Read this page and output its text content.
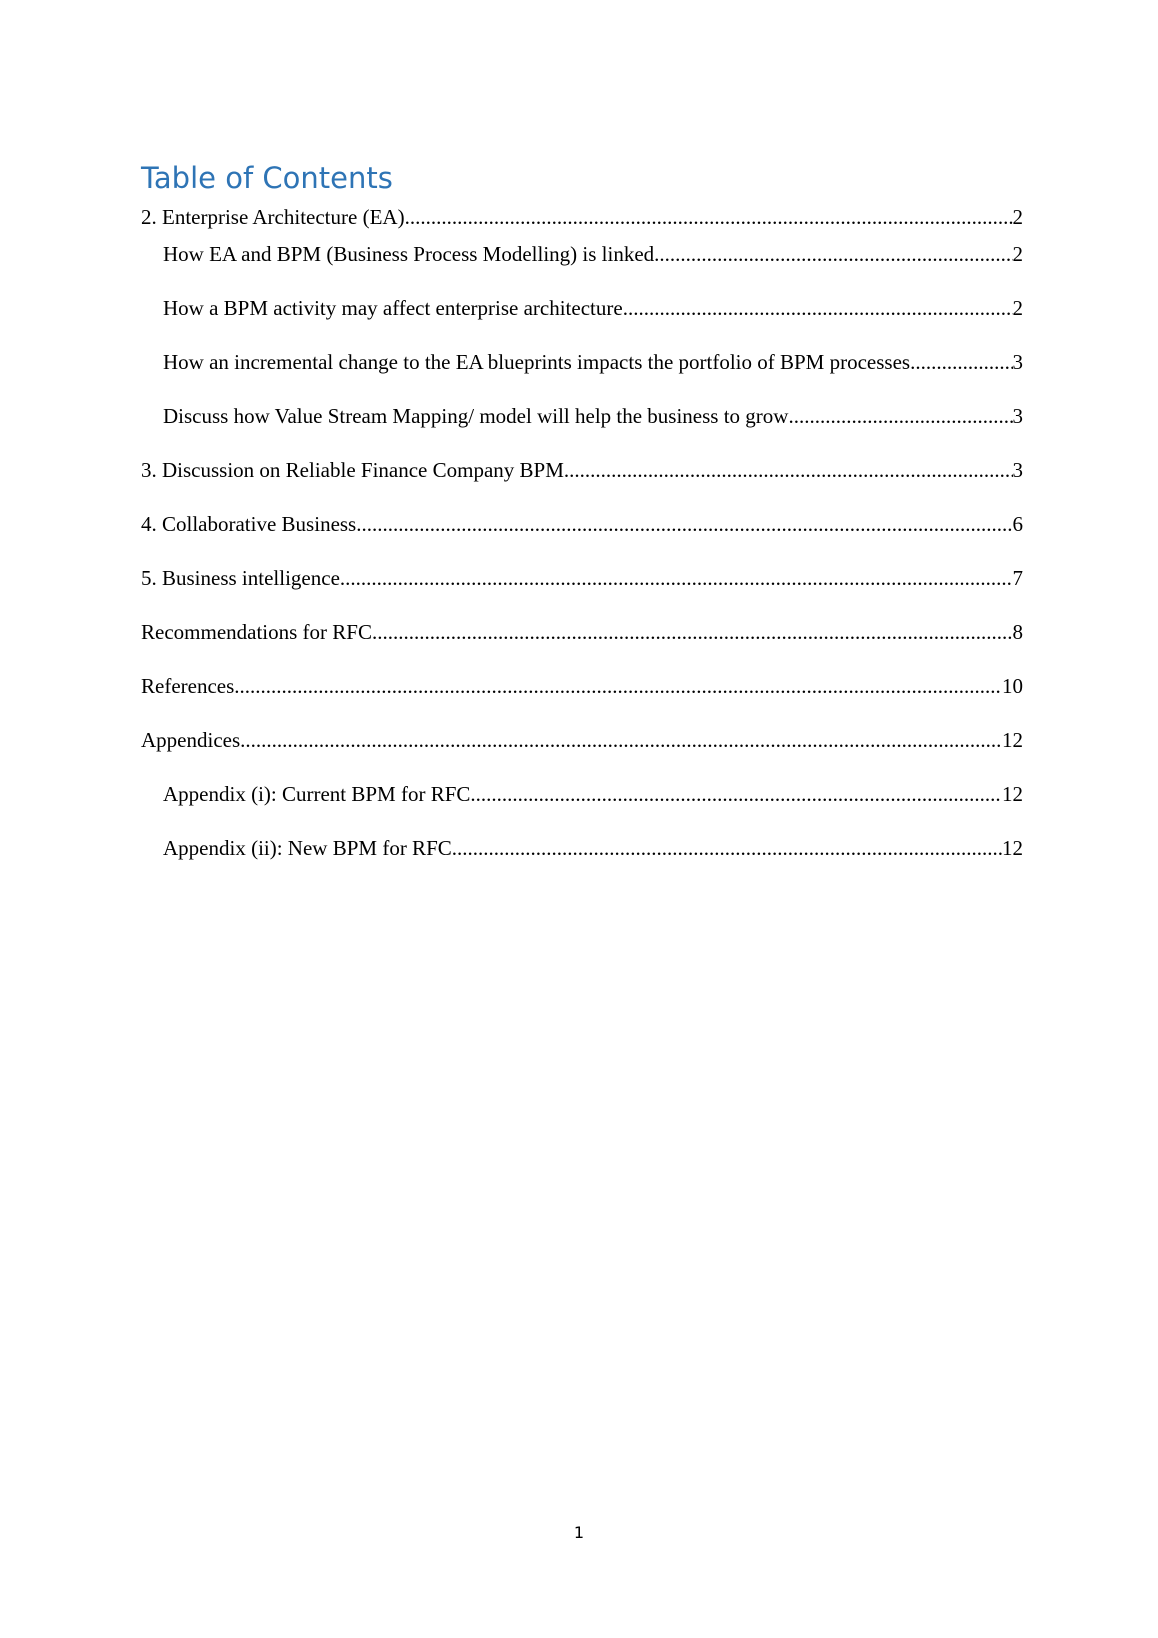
Table of Contents
2. Enterprise Architecture (EA) .....	2
How EA and BPM (Business Process Modelling) is linked .....	2
How a BPM activity may affect enterprise architecture .....	2
How an incremental change to the EA blueprints impacts the portfolio of BPM processes .....	3
Discuss how Value Stream Mapping/ model will help the business to grow .....	3
3. Discussion on Reliable Finance Company BPM .....	3
4. Collaborative Business .....	6
5. Business intelligence .....	7
Recommendations for RFC .....	8
References .....	10
Appendices .....	12
Appendix (i): Current BPM for RFC .....	12
Appendix (ii): New BPM for RFC .....	12
1
